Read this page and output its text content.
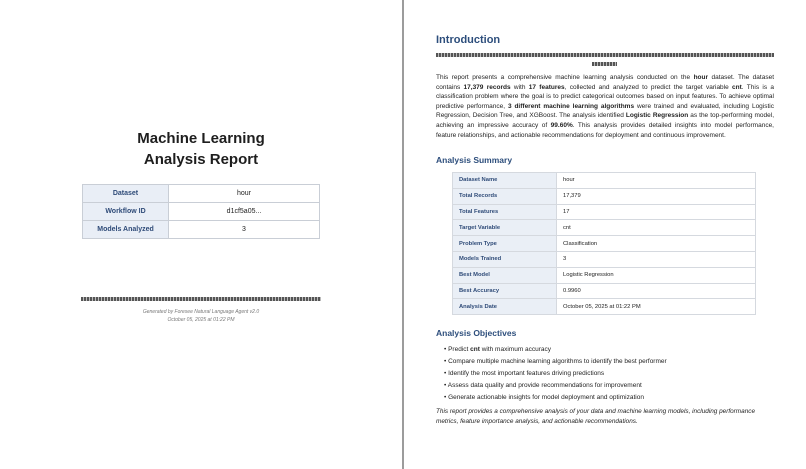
Machine Learning
Analysis Report
Dataset	hour
Workflow ID	d1cf5a05...
Models Analyzed	3
Generated by Foresee Natural Language Agent v2.0
October 05, 2025 at 01:22 PM
Introduction
This report presents a comprehensive machine learning analysis conducted on the hour dataset. The dataset contains 17,379 records with 17 features, collected and analyzed to predict the target variable cnt. This is a classification problem where the goal is to predict categorical outcomes based on input features. To achieve optimal predictive performance, 3 different machine learning algorithms were trained and evaluated, including Logistic Regression, Decision Tree, and XGBoost. The analysis identified Logistic Regression as the top-performing model, achieving an impressive accuracy of 99.60%. This analysis provides detailed insights into model performance, feature relationships, and actionable recommendations for deployment and continuous improvement.
Analysis Summary
Dataset Name	hour
Total Records	17,379
Total Features	17
Target Variable	cnt
Problem Type	Classification
Models Trained	3
Best Model	Logistic Regression
Best Accuracy	0.9960
Analysis Date	October 05, 2025 at 01:22 PM
Analysis Objectives
• Predict cnt with maximum accuracy
• Compare multiple machine learning algorithms to identify the best performer
• Identify the most important features driving predictions
• Assess data quality and provide recommendations for improvement
• Generate actionable insights for model deployment and optimization
This report provides a comprehensive analysis of your data and machine learning models, including performance metrics, feature importance analysis, and actionable recommendations.
